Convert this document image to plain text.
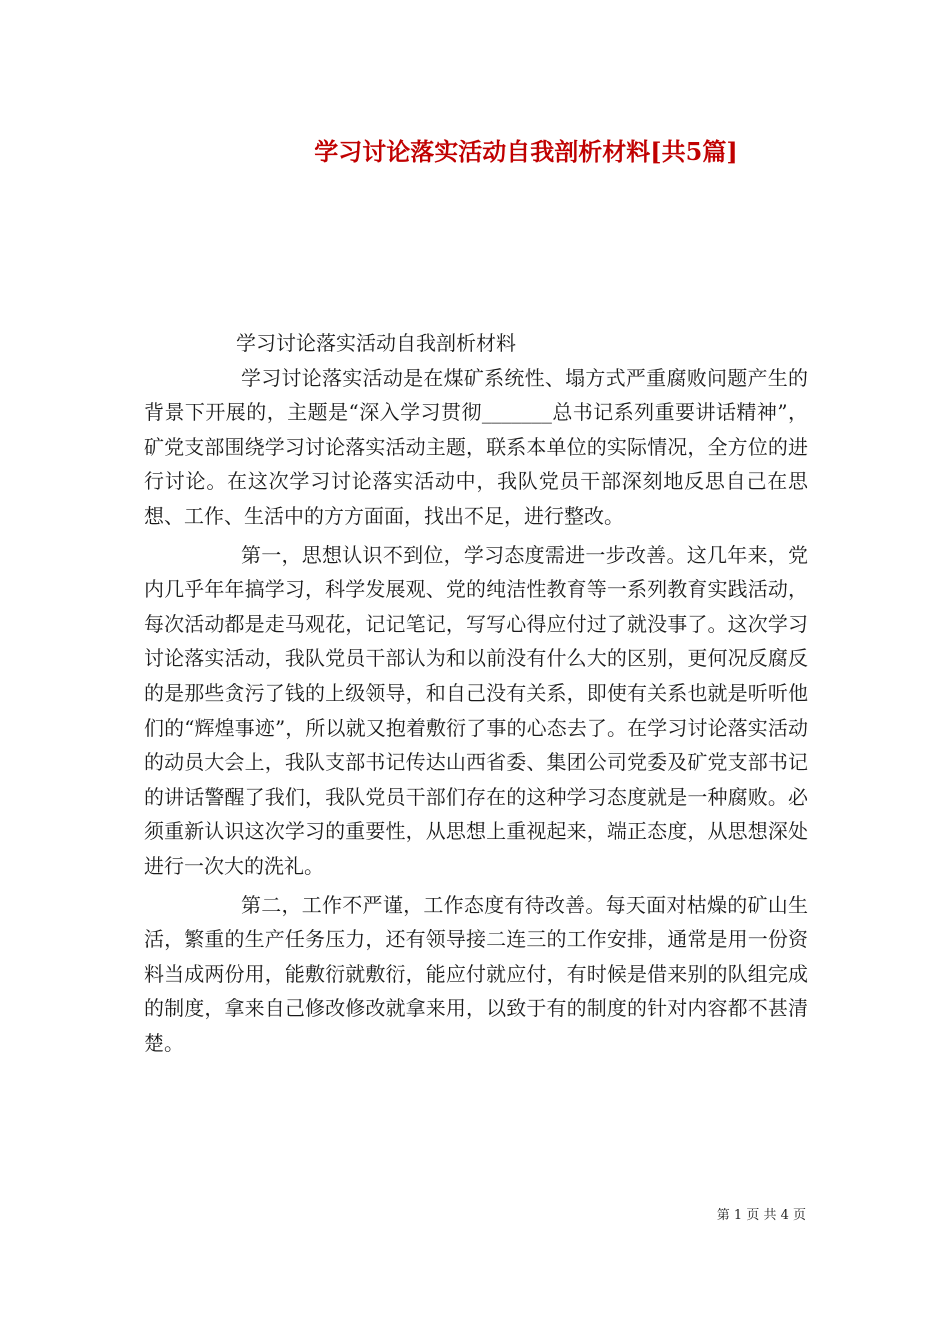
学习讨论落实活动自我剖析材料[共5篇]

学习讨论落实活动自我剖析材料

学习讨论落实活动是在煤矿系统性、塌方式严重腐败问题产生的背景下开展的，主题是“深入学习贯彻_______总书记系列重要讲话精神”，矿党支部围绕学习讨论落实活动主题，联系本单位的实际情况，全方位的进行讨论。在这次学习讨论落实活动中，我队党员干部深刻地反思自己在思想、工作、生活中的方方面面，找出不足，进行整改。

第一，思想认识不到位，学习态度需进一步改善。这几年来，党内几乎年年搞学习，科学发展观、党的纯洁性教育等一系列教育实践活动，每次活动都是走马观花，记记笔记，写写心得应付过了就没事了。这次学习讨论落实活动，我队党员干部认为和以前没有什么大的区别，更何况反腐反的是那些贪污了钱的上级领导，和自己没有关系，即使有关系也就是听听他们的“辉煌事迹”，所以就又抱着敷衍了事的心态去了。在学习讨论落实活动的动员大会上，我队支部书记传达山西省委、集团公司党委及矿党支部书记的讲话警醒了我们，我队党员干部们存在的这种学习态度就是一种腐败。必须重新认识这次学习的重要性，从思想上重视起来，端正态度，从思想深处进行一次大的洗礼。

第二，工作不严谨，工作态度有待改善。每天面对枯燥的矿山生活，繁重的生产任务压力，还有领导接二连三的工作安排，通常是用一份资料当成两份用，能敷衍就敷衍，能应付就应付，有时候是借来别的队组完成的制度，拿来自己修改修改就拿来用，以致于有的制度的针对内容都不甚清楚。

第 1 页 共 4 页
